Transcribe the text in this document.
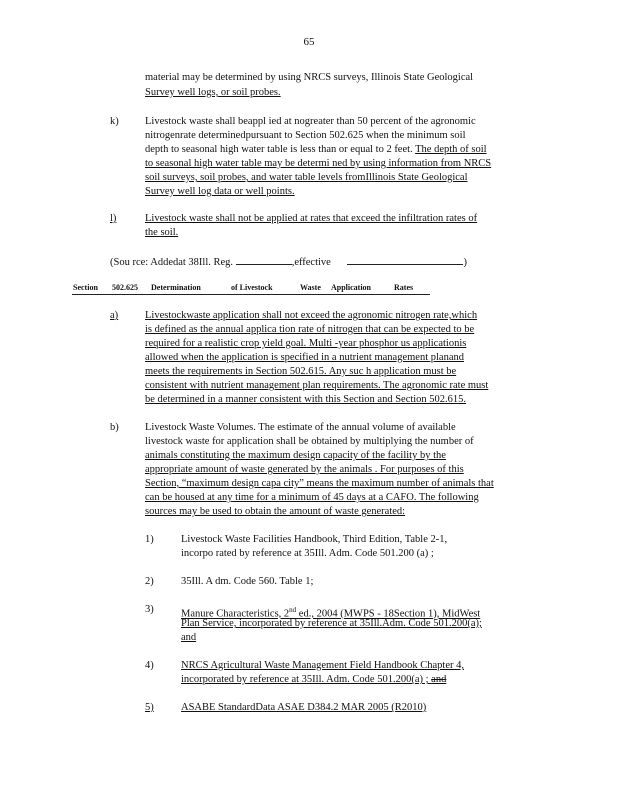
65
material may be determined by using NRCS surveys, Illinois State Geological
Survey well logs, or soil probes.
k)	Livestock waste shall beappl ied at nogreater than 50 percent of the agronomic
nitrogenrate determinedpursuant to Section 502.625 when the minimum soil
depth to seasonal high water table is less than or equal to 2 feet. The depth of soil
to seasonal high water table may be determi ned by using information from NRCS
soil surveys, soil probes, and water table levels fromIllinois State Geological
Survey well log data or well points.
l)	Livestock waste shall not be applied at rates that exceed the infiltration rates of
the soil.
(Sou rce: Addedat 38Ill. Reg.	,effective	)
Section 502.625 Determination	of Livestock	Waste Application	Rates
a)	Livestockwaste application shall not exceed the agronomic nitrogen rate,which
is defined as the annual applica tion rate of nitrogen that can be expected to be
required for a realistic crop yield goal. Multi -year phosphor us applicationis
allowed when the application is specified in a nutrient management planand
meets the requirements in Section 502.615. Any suc h application must be
consistent with nutrient management plan requirements. The agronomic rate must
be determined in a manner consistent with this Section and Section 502.615.
b)	Livestock Waste Volumes. The estimate of the annual volume of available
livestock waste for application shall be obtained by multiplying the number of
animals constituting the maximum design capacity of the facility by the
appropriate amount of waste generated by the animals . For purposes of this
Section, “maximum design capa city” means the maximum number of animals that
can be housed at any time for a minimum of 45 days at a CAFO. The following
sources may be used to obtain the amount of waste generated:
1)	Livestock Waste Facilities Handbook, Third Edition, Table 2-1,
incorpo rated by reference at 35Ill. Adm. Code 501.200 (a) ;
2)	35Ill. A dm. Code 560. Table 1;
3)	Manure Characteristics, 2nd ed., 2004 (MWPS - 18Section 1), MidWest
Plan Service, incorporated by reference at 35Ill.Adm. Code 501.200(a);
and
4)	NRCS Agricultural Waste Management Field Handbook Chapter 4,
incorporated by reference at 35Ill. Adm. Code 501.200(a) ; and
5)	ASABE StandardData ASAE D384.2 MAR 2005 (R2010)
